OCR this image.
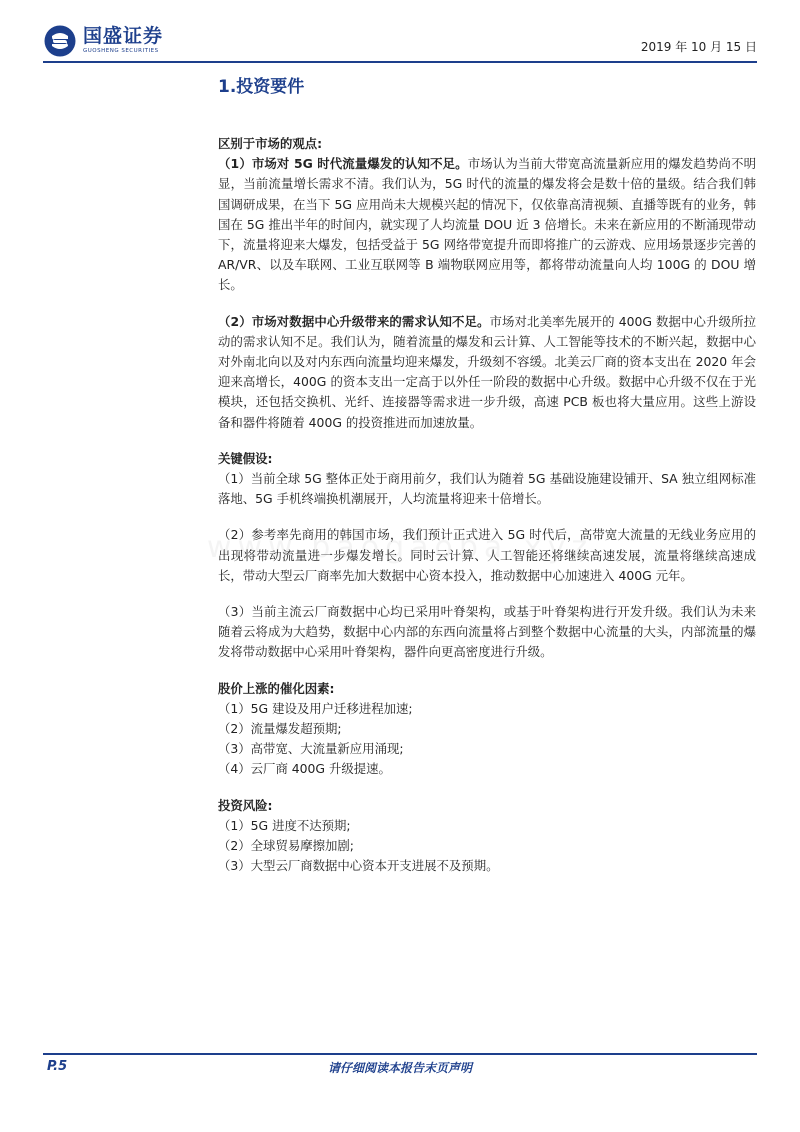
国盛证券
GUOSHENG SECURITIES	2019 年 10 月 15 日
1.投资要件

区别于市场的观点:

（1）市场对 5G 时代流量爆发的认知不足。市场认为当前大带宽高流量新应用的爆发趋势尚不明显，当前流量增长需求不清。我们认为，5G 时代的流量的爆发将会是数十倍的量级。结合我们韩国调研成果，在当下 5G 应用尚未大规模兴起的情况下，仅依靠高清视频、直播等既有的业务，韩国在 5G 推出半年的时间内，就实现了人均流量 DOU 近 3 倍增长。未来在新应用的不断涌现带动下，流量将迎来大爆发，包括受益于 5G 网络带宽提升而即将推广的云游戏、应用场景逐步完善的 AR/VR、以及车联网、工业互联网等 B 端物联网应用等，都将带动流量向人均 100G 的 DOU 增长。

（2）市场对数据中心升级带来的需求认知不足。市场对北美率先展开的 400G 数据中心升级所拉动的需求认知不足。我们认为，随着流量的爆发和云计算、人工智能等技术的不断兴起，数据中心对外南北向以及对内东西向流量均迎来爆发，升级刻不容缓。北美云厂商的资本支出在 2020 年会迎来高增长，400G 的资本支出一定高于以外任一阶段的数据中心升级。数据中心升级不仅在于光模块，还包括交换机、光纤、连接器等需求进一步升级，高速 PCB 板也将大量应用。这些上游设备和器件将随着 400G 的投资推进而加速放量。

关键假设:

（1）当前全球 5G 整体正处于商用前夕，我们认为随着 5G 基础设施建设铺开、SA 独立组网标准落地、5G 手机终端换机潮展开，人均流量将迎来十倍增长。

（2）参考率先商用的韩国市场，我们预计正式进入 5G 时代后，高带宽大流量的无线业务应用的出现将带动流量进一步爆发增长。同时云计算、人工智能还将继续高速发展，流量将继续高速成长，带动大型云厂商率先加大数据中心资本投入，推动数据中心加速进入 400G 元年。

（3）当前主流云厂商数据中心均已采用叶脊架构，或基于叶脊架构进行开发升级。我们认为未来随着云将成为大趋势，数据中心内部的东西向流量将占到整个数据中心流量的大头，内部流量的爆发将带动数据中心采用叶脊架构，器件向更高密度进行升级。

股价上涨的催化因素:

（1）5G 建设及用户迁移进程加速;

（2）流量爆发超预期;

（3）高带宽、大流量新应用涌现;

（4）云厂商 400G 升级提速。

投资风险:

（1）5G 进度不达预期;

（2）全球贸易摩擦加剧;

（3）大型云厂商数据中心资本开支进展不及预期。

P.5	请仔细阅读本报告末页声明
